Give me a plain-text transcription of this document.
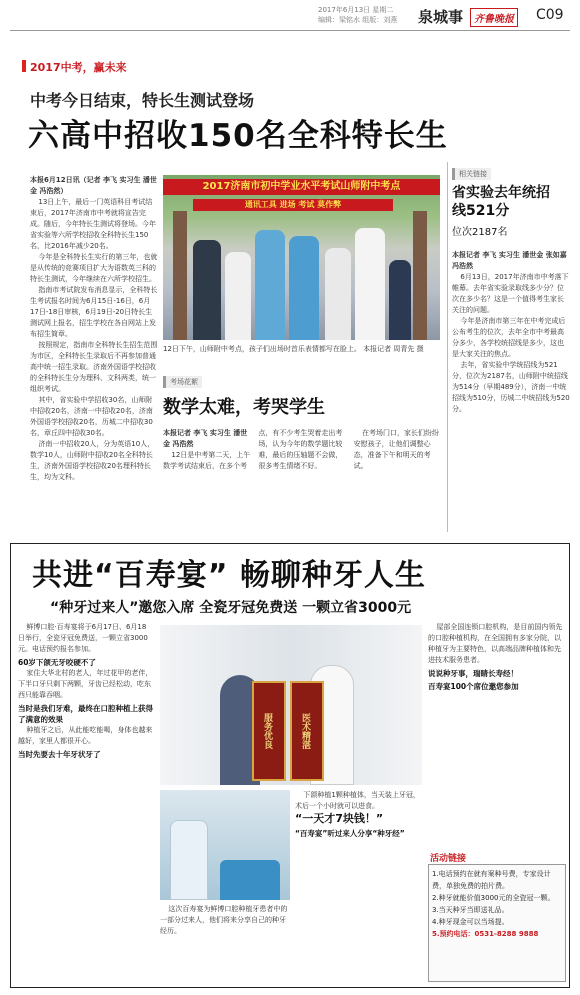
2017年6月13日 星期二
编辑：梁铭水 组版：刘燕	泉城事	齐鲁晚报 C09
2017中考，赢未来
中考今日结束，特长生测试登场
六高中招收150名全科特长生
本报6月12日讯（记者 李飞 实习生 潘世金 冯浩然）

13日上午，最后一门英语科目考试结束后，2017年济南市中考就将宣告完成。随后，今年特长生测试将登场。今年省实验等六所学校招收全科特长生150名，比2016年减少20名。

今年是全科特长生实行的第三年，也就是从传统的竞赛项目扩大为语数英三科的特长生测试，今年继续在六所学校招生。

指南市考试院发布消息显示，全科特长生考试报名时间为6月15日-16日，6月17日-18日审核，6月19日-20日特长生测试网上报名，招生学校在各自网站上发布招生简章。

按照规定，指南市全科特长生招生范围为市区，全科特长生录取后不再参加普通高中统一招生录取。济南外国语学校招收的全科特长生分为理科、文科两类，统一组织考试。

其中，省实验中学招收30名，山师附中招收20名，济南一中招收20名，济南外国语学校招收20名，历城二中招收30名，章丘四中招收30名。

济南一中招收20人，分为英语10人，数学10人，山师附中招收20名全科特长生，济南外国语学校招收20名理科特长生，均为文科。

2017济南市初中学业水平考试山师附中考点
通讯工具 进场 考试 莫作弊
12日下午，山师附中考点，孩子们出场时首乐表情都写在脸上。 本报记者 周青先 摄
相关链接
省实验去年统招线521分
位次2187名
本报记者 李飞 实习生 潘世金 张如嘉 冯浩然

6月13日，2017年济南市中考落下帷幕。去年省实验录取线多少分？位次在多少名？这是一个值得考生家长关注的问题。

今年是济南市第三年在中考完成后公布考生的位次，去年全市中考最高分多少，各学校统招线是多少，这也是大家关注的焦点。

去年，省实验中学统招线为521分，位次为2187名，山师附中统招线为514分（早期489分），济南一中统招线为510分，历城二中统招线为520分。

考场花絮
数学太难，考哭学生
本报记者 李飞 实习生 潘世金 冯浩然

12日是中考第二天，上午数学考试结束后，在多个考点，有不少考生哭着走出考场，认为今年的数学题比较难，最后的压轴题不会做，很多考生情绪不好。

在考场门口，家长们纷纷安慰孩子，让他们调整心态，准备下午和明天的考试。

共进“百寿宴” 畅聊种牙人生
“种牙过来人”邀您入席 全瓷牙冠免费送 一颗立省3000元

鲜博口腔·百寿宴将于6月17日、6月18日举行，全瓷牙冠免费送，一颗立省3000元。电话预约报名参加。

60岁下颌无牙咬硬不了

家住大华北村的老人，年过花甲的老伴，下半口牙只剩下两颗，牙齿已经松动，吃东西只能靠吞咽。

当时是我们牙难，最终在口腔种植上获得了满意的效果

种植牙之后，从此能吃能喝，身体也越来越好，家里人都很开心。

当时先要去十年牙状牙了
服务优良	医术精湛

这次百寿宴为鲜博口腔种植牙患者中的一部分过来人，他们将来分享自己的种牙经历。

下颌种植1颗种植体，当天装上牙冠，术后一个小时就可以进食。

“一天才7块钱！”
“百寿宴”听过来人分享“种牙经”

屋部全国连锁口腔机构，是目前国内领先的口腔种植机构，在全国拥有多家分院，以种植牙为主要特色，以高端品牌种植体和先进技术服务患者。

说说种牙事，瑞睛长寿经！
百寿宴100个席位邀您参加
活动链接
1.电话预约在就有案种号费，专家设计费，单独免费的拍片费。
2.种牙就能价值3000元的全瓷冠一颗。
3.当天种牙当即送礼品。
4.种牙现金可以当场提。
5.预约电话：0531-8288 9888
